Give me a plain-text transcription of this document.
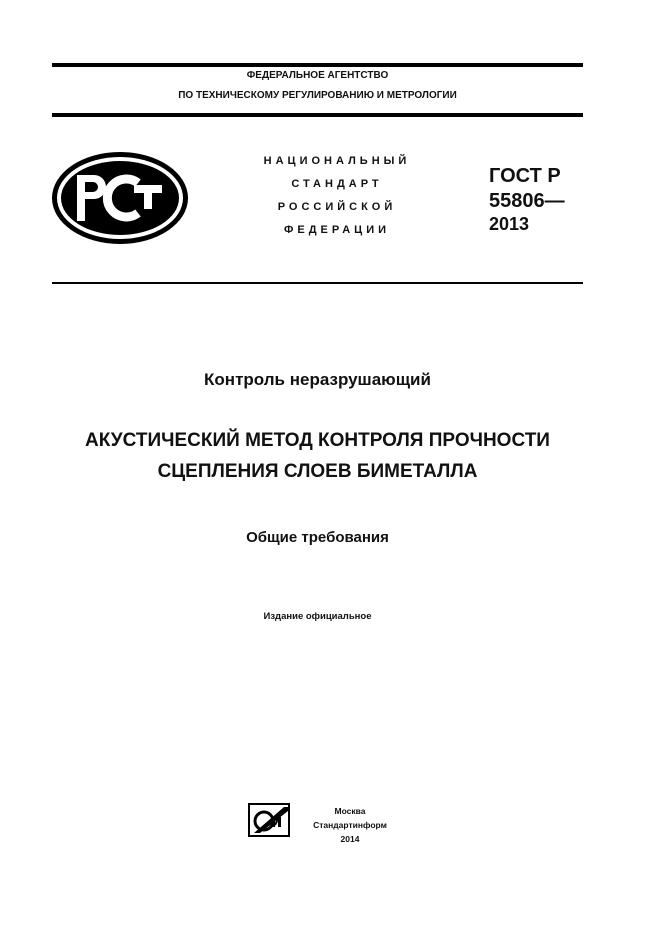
ФЕДЕРАЛЬНОЕ АГЕНТСТВО
ПО ТЕХНИЧЕСКОМУ РЕГУЛИРОВАНИЮ И МЕТРОЛОГИИ
НАЦИОНАЛЬНЫЙ
СТАНДАРТ
РОССИЙСКОЙ
ФЕДЕРАЦИИ
ГОСТ Р
55806—
2013
Контроль неразрушающий
АКУСТИЧЕСКИЙ МЕТОД КОНТРОЛЯ ПРОЧНОСТИ
СЦЕПЛЕНИЯ СЛОЕВ БИМЕТАЛЛА
Общие требования
Издание официальное
Москва
Стандартинформ
2014
